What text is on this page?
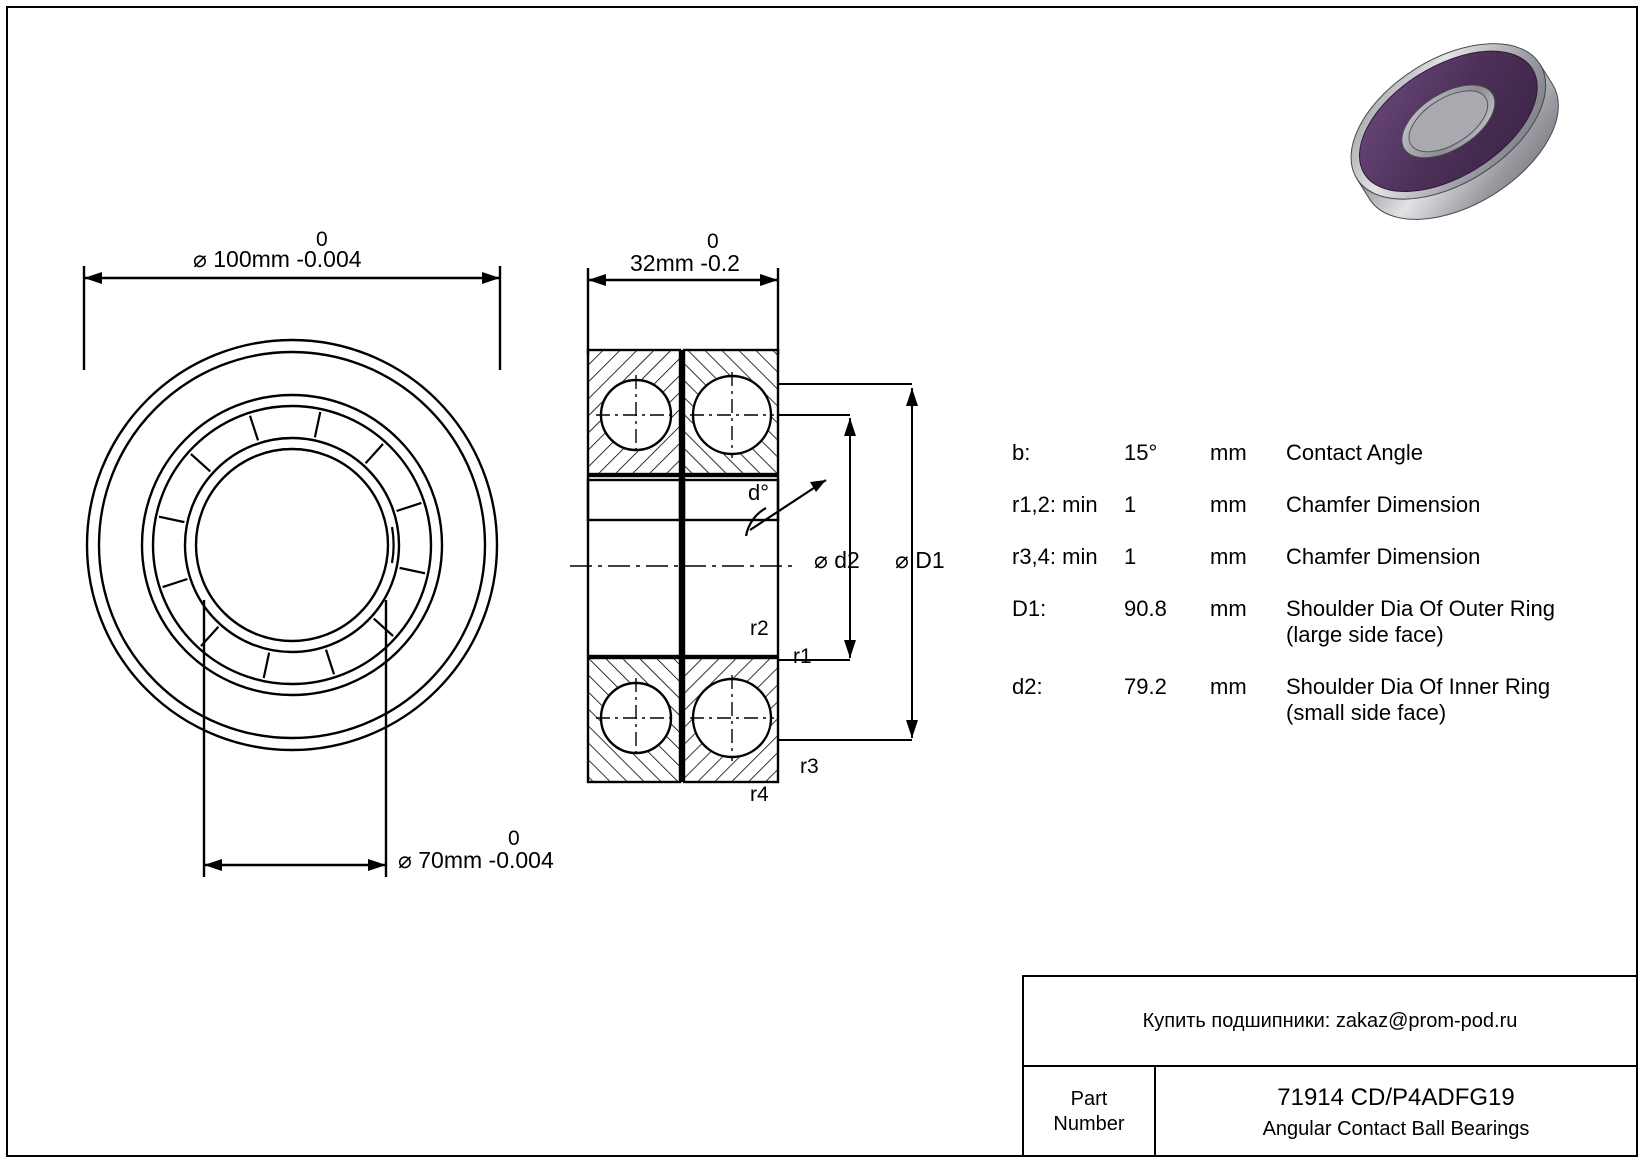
0
⌀ 100mm -0.004
0
⌀ 70mm -0.004
0
32mm -0.2
d°
r2
r1
r3
r4
⌀ d2 ⌀ D1
b:	15°	mm	Contact Angle
r1,2: min	1	mm	Chamfer Dimension
r3,4: min	1	mm	Chamfer Dimension
D1:	90.8	mm	Shoulder Dia Of Outer Ring
(large side face)
d2:	79.2	mm	Shoulder Dia Of Inner Ring
(small side face)
Купить подшипники: zakaz@prom-pod.ru
Part
Number
71914 CD/P4ADFG19
Angular Contact Ball Bearings
